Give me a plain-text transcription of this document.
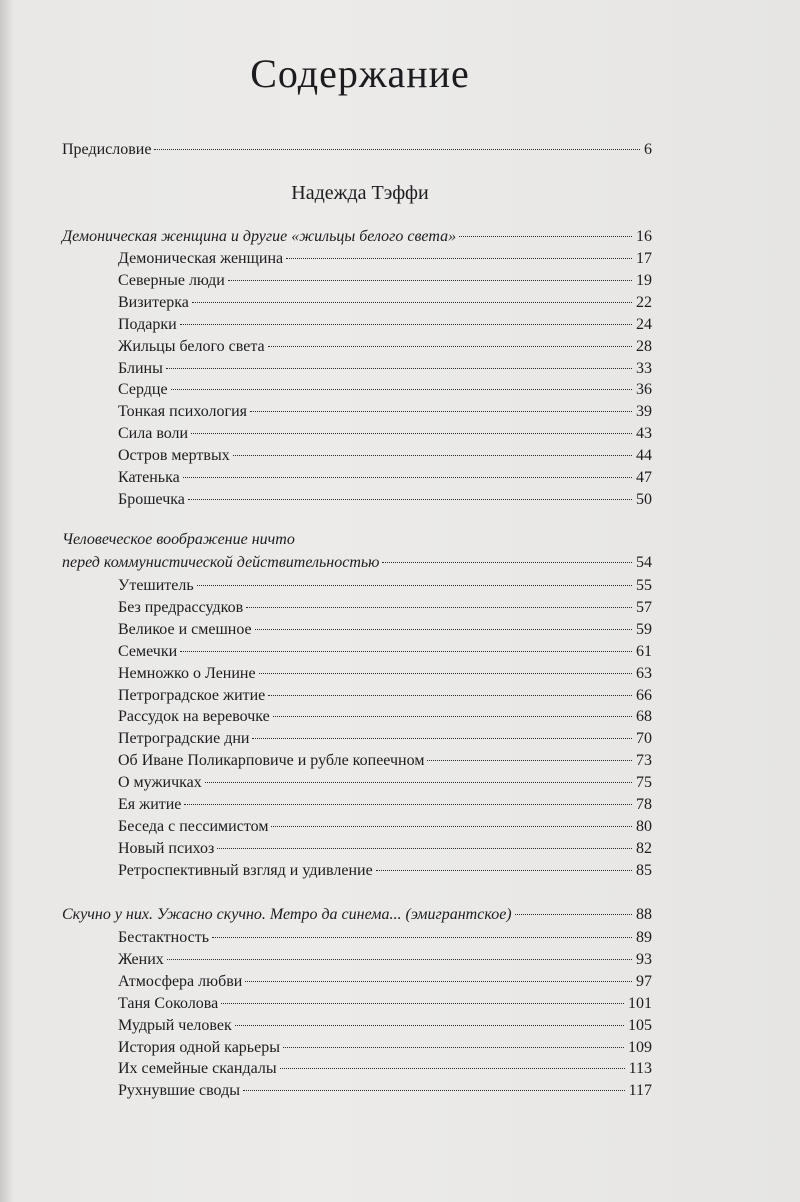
Содержание
Предисловие	6
Надежда Тэффи
Демоническая женщина и другие «жильцы белого света»	16
Демоническая женщина	17
Северные люди	19
Визитерка	22
Подарки	24
Жильцы белого света	28
Блины	33
Сердце	36
Тонкая психология	39
Сила воли	43
Остров мертвых	44
Катенька	47
Брошечка	50
Человеческое воображение ничто
перед коммунистической действительностью	54
Утешитель	55
Без предрассудков	57
Великое и смешное	59
Семечки	61
Немножко о Ленине	63
Петроградское житие	66
Рассудок на веревочке	68
Петроградские дни	70
Об Иване Поликарповиче и рубле копеечном	73
О мужичках	75
Ея житие	78
Беседа с пессимистом	80
Новый психоз	82
Ретроспективный взгляд и удивление	85
Скучно у них. Ужасно скучно. Метро да синема... (эмигрантское)	88
Бестактность	89
Жених	93
Атмосфера любви	97
Таня Соколова	101
Мудрый человек	105
История одной карьеры	109
Их семейные скандалы	113
Рухнувшие своды	117
